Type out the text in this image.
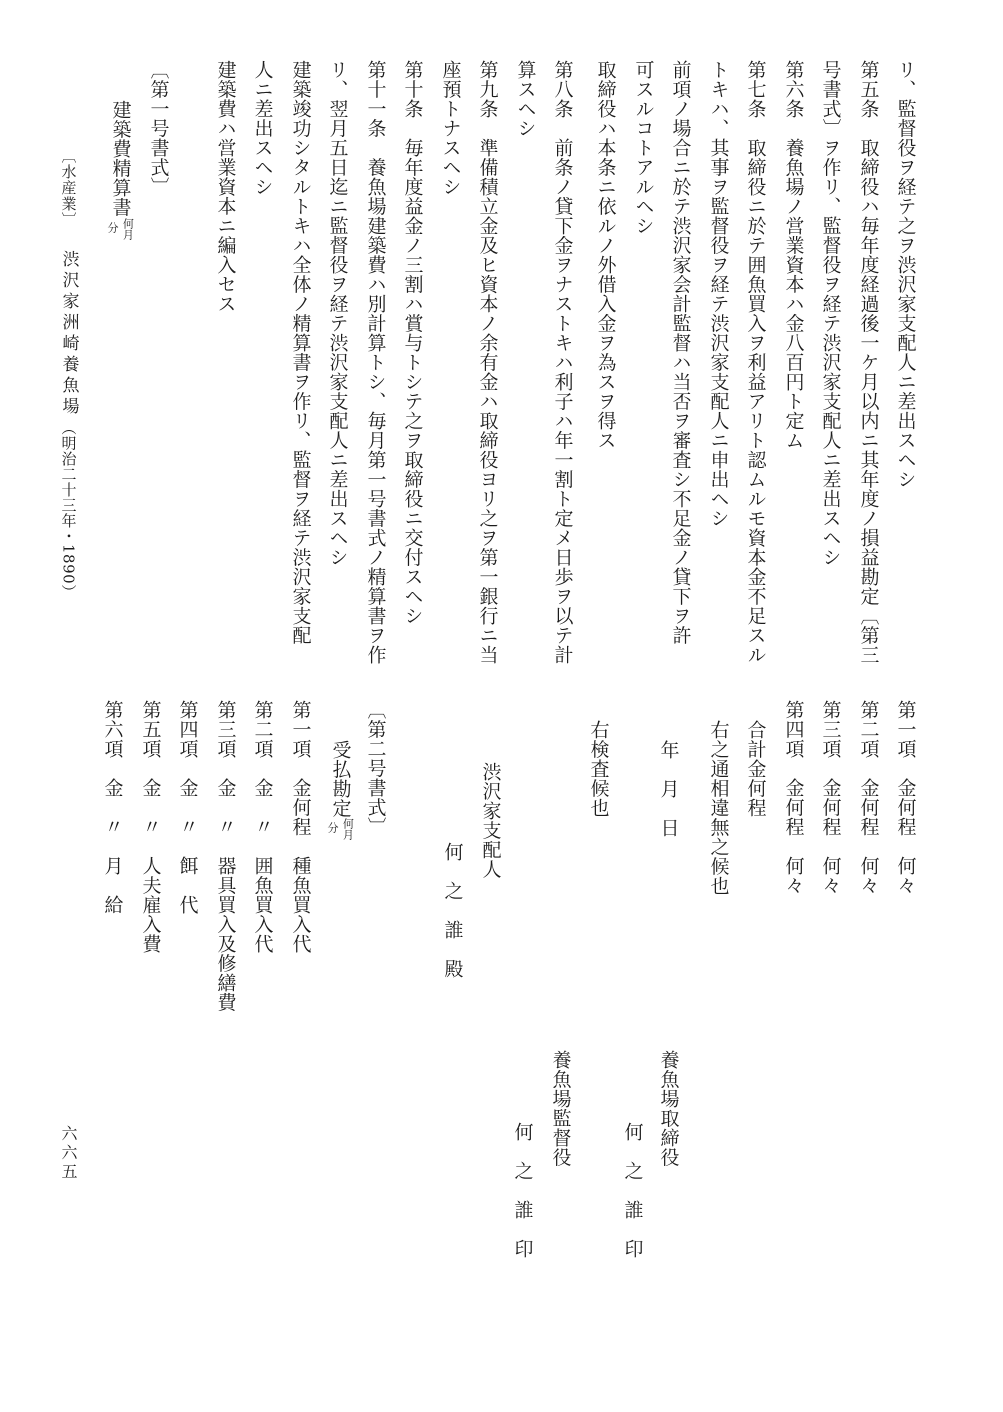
リ、監督役ヲ経テ之ヲ渋沢家支配人ニ差出スヘシ
第五条　取締役ハ毎年度経過後一ケ月以内ニ其年度ノ損益勘定〔第三
号書式〕ヲ作リ、監督役ヲ経テ渋沢家支配人ニ差出スヘシ
第六条　養魚場ノ営業資本ハ金八百円ト定ム
第七条　取締役ニ於テ囲魚買入ヲ利益アリト認ムルモ資本金不足スル
トキハ、其事ヲ監督役ヲ経テ渋沢家支配人ニ申出ヘシ
前項ノ場合ニ於テ渋沢家会計監督ハ当否ヲ審査シ不足金ノ貸下ヲ許
可スルコトアルヘシ
取締役ハ本条ニ依ルノ外借入金ヲ為スヲ得ス
第八条　前条ノ貸下金ヲナストキハ利子ハ年一割ト定メ日歩ヲ以テ計
算スヘシ
第九条　準備積立金及ヒ資本ノ余有金ハ取締役ヨリ之ヲ第一銀行ニ当
座預トナスヘシ
第十条　毎年度益金ノ三割ハ賞与トシテ之ヲ取締役ニ交付スヘシ
第十一条　養魚場建築費ハ別計算トシ、毎月第一号書式ノ精算書ヲ作
リ、翌月五日迄ニ監督役ヲ経テ渋沢家支配人ニ差出スヘシ
建築竣功シタルトキハ全体ノ精算書ヲ作リ、監督ヲ経テ渋沢家支配
人ニ差出スヘシ
建築費ハ営業資本ニ編入セス
〔第一号書式〕
建築費精算書
何月
分
〔水産業〕
渋沢家洲崎養魚場
（明治二十三年・1890）
六六五
第一項　金何程　何々
第二項　金何程　何々
第三項　金何程　何々
第四項　金何程　何々
合計金何程
右之通相違無之候也
年　月　日
養魚場取締役
何　之　誰　印
右検査候也
養魚場監督役
何　之　誰　印
渋沢家支配人
何　之　誰　殿
〔第二号書式〕
受払勘定
何月
分
第一項　金何程　種魚買入代
第二項　金　〃　囲魚買入代
第三項　金　〃　器具買入及修繕費
第四項　金　〃　餌　代
第五項　金　〃　人夫雇入費
第六項　金　〃　月　給
